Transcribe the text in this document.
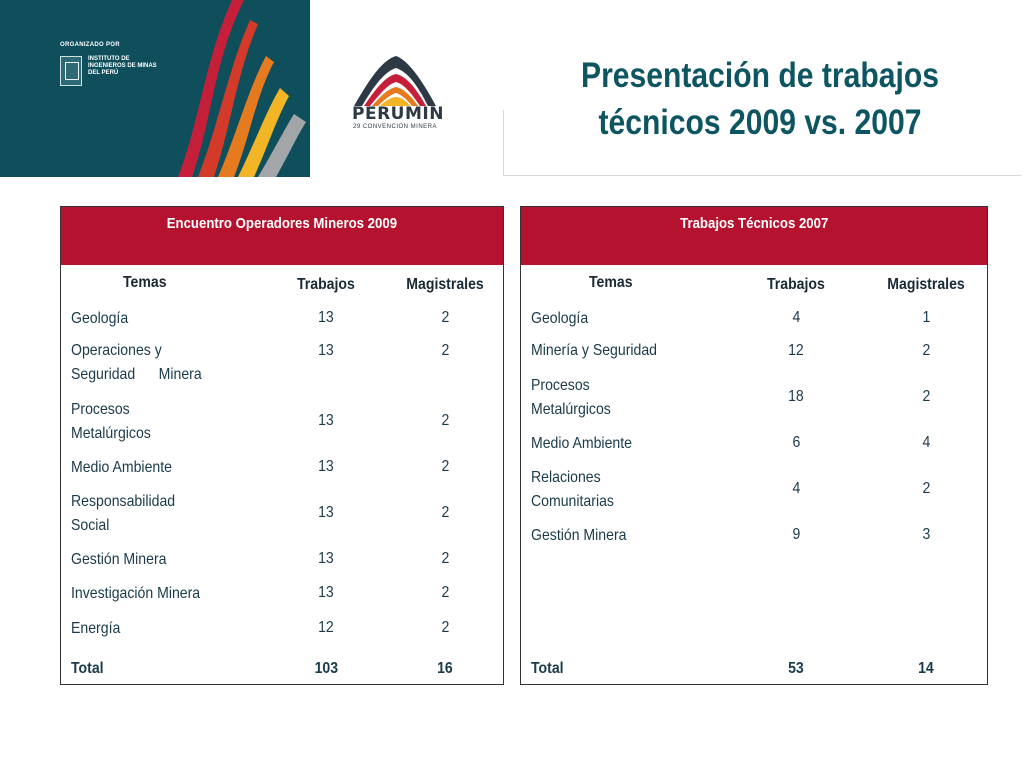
ORGANIZADO POR
INSTITUTO DE INGENIEROS DE MINAS DEL PERÚ
PERUMIN
29 CONVENCION MINERA
Presentación de trabajos
técnicos 2009 vs. 2007
Encuentro Operadores Mineros 2009
Temas	Trabajos	Magistrales
Geología	13	2
Operaciones y
Seguridad      Minera
13	2
Procesos
Metalúrgicos
13	2
Medio Ambiente	13	2
Responsabilidad
Social
13	2
Gestión Minera	13	2
Investigación Minera	13	2
Energía	12	2
Total	103	16
Trabajos Técnicos 2007
Temas	Trabajos	Magistrales
Geología	4	1
Minería y Seguridad	12	2
Procesos
Metalúrgicos
18	2
Medio Ambiente	6	4
Relaciones
Comunitarias
4	2
Gestión Minera	9	3
Total	53	14
